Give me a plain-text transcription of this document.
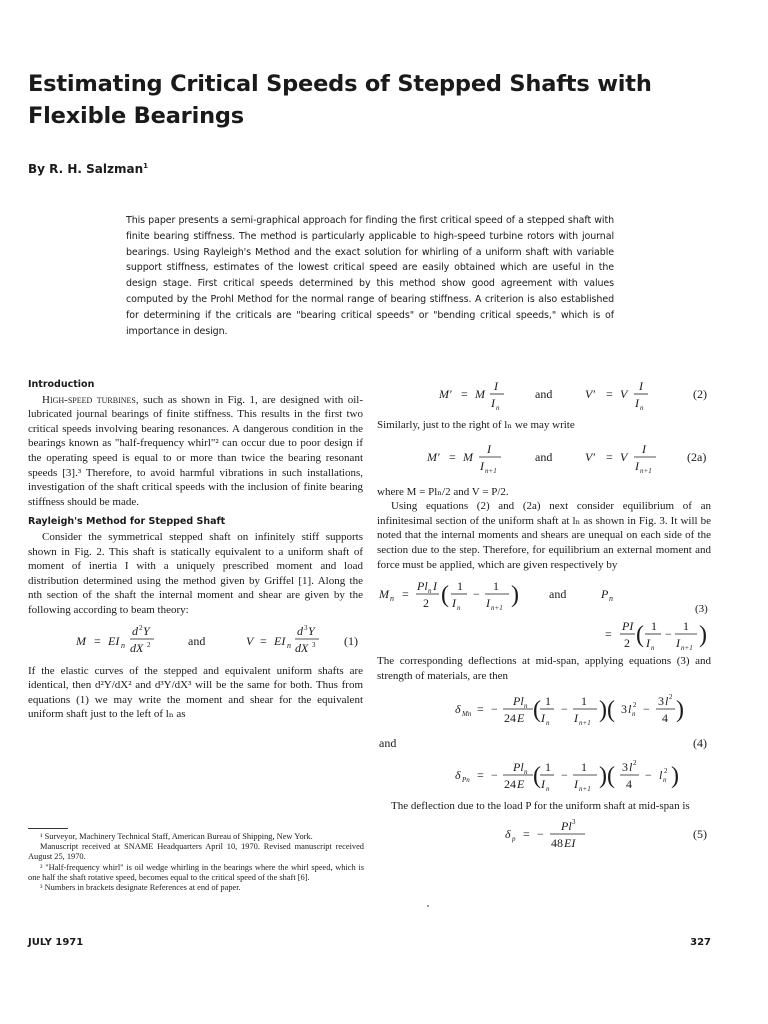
Estimating Critical Speeds of Stepped Shafts with
Flexible Bearings
By R. H. Salzman$^1$
This paper presents a semi-graphical approach for finding the first critical speed of a stepped shaft with finite bearing stiffness. The method is particularly applicable to high-speed turbine rotors with journal bearings. Using Rayleigh's Method and the exact solution for whirling of a uniform shaft with variable support stiffness, estimates of the lowest critical speed are easily obtained which are useful in the design stage. First critical speeds determined by this method show good agreement with values computed by the Prohl Method for the normal range of bearing stiffness. A criterion is also established for determining if the criticals are "bearing critical speeds" or "bending critical speeds," which is of importance in design.

Introduction

High-speed turbines, such as shown in Fig. 1, are designed with oil-lubricated journal bearings of finite stiffness. This results in the first two critical speeds involving bearing resonances. A dangerous condition in the bearings known as "half-frequency whirl"² can occur due to poor design if the operating speed is equal to or more than twice the bearing resonant speeds [3].³ Therefore, to avoid harmful vibrations in such installations, investigation of the shaft critical speeds with the inclusion of finite bearing stiffness should be made.

Rayleigh's Method for Stepped Shaft

Consider the symmetrical stepped shaft on infinitely stiff supports shown in Fig. 2. This shaft is statically equivalent to a uniform shaft of moment of inertia I with a uniquely prescribed moment and load distribution determined using the method given by Griffel [1]. Along the nth section of the shaft the internal moment and shear are given by the following according to beam theory:

M = EI n
d 2 Y
dX 2	and	V = EI n
d 3 Y
dX 3 (1)

If the elastic curves of the stepped and equivalent uniform shafts are identical, then d²Y/dX² and d³Y/dX³ will be the same for both. Thus from equations (1) we may write the moment and shear for the equivalent uniform shaft just to the left of lₙ as

¹ Surveyor, Machinery Technical Staff, American Bureau of Shipping, New York.

Manuscript received at SNAME Headquarters April 10, 1970. Revised manuscript received August 25, 1970.

² "Half-frequency whirl" is oil wedge whirling in the bearings where the whirl speed, which is one half the shaft rotative speed, becomes equal to the critical speed of the shaft [6].

³ Numbers in brackets designate References at end of paper.

M′ = M
I
I n
and	V′ = V
I
I n
(2)

Similarly, just to the right of lₙ we may write

M′ = M
I
I n+1
and	V′ = V
I
I n+1
(2a)

where M = Plₙ/2 and V = P/2.

Using equations (2) and (2a) next consider equilibrium of an infinitesimal section of the uniform shaft at lₙ as shown in Fig. 3. It will be noted that the internal moments and shears are unequal on each side of the section due to the step. Therefore, for equilibrium an external moment and force must be applied, which are given respectively by

M n =
Pl n I
2 ( 1
I n
−
1
I n+1 )	and	P n
=
PI
2 ( 1
I n
−
1
I n+1 )
(3)

The corresponding deflections at mid-span, applying equations (3) and strength of materials, are then

δ Mn = −
Pl n
24 E ( 1
I n
−
1
I n+1 )( 3 l n
2 −
3 l 2
4 )
and	(4)
δ Pn = −
Pl n
24 E ( 1
I n
−
1
I n+1 )( 3 l 2
4
− l n
2 )

The deflection due to the load P for the uniform shaft at mid-span is

δ p = −
Pl 3
48 EI
(5)
JULY 1971	327
